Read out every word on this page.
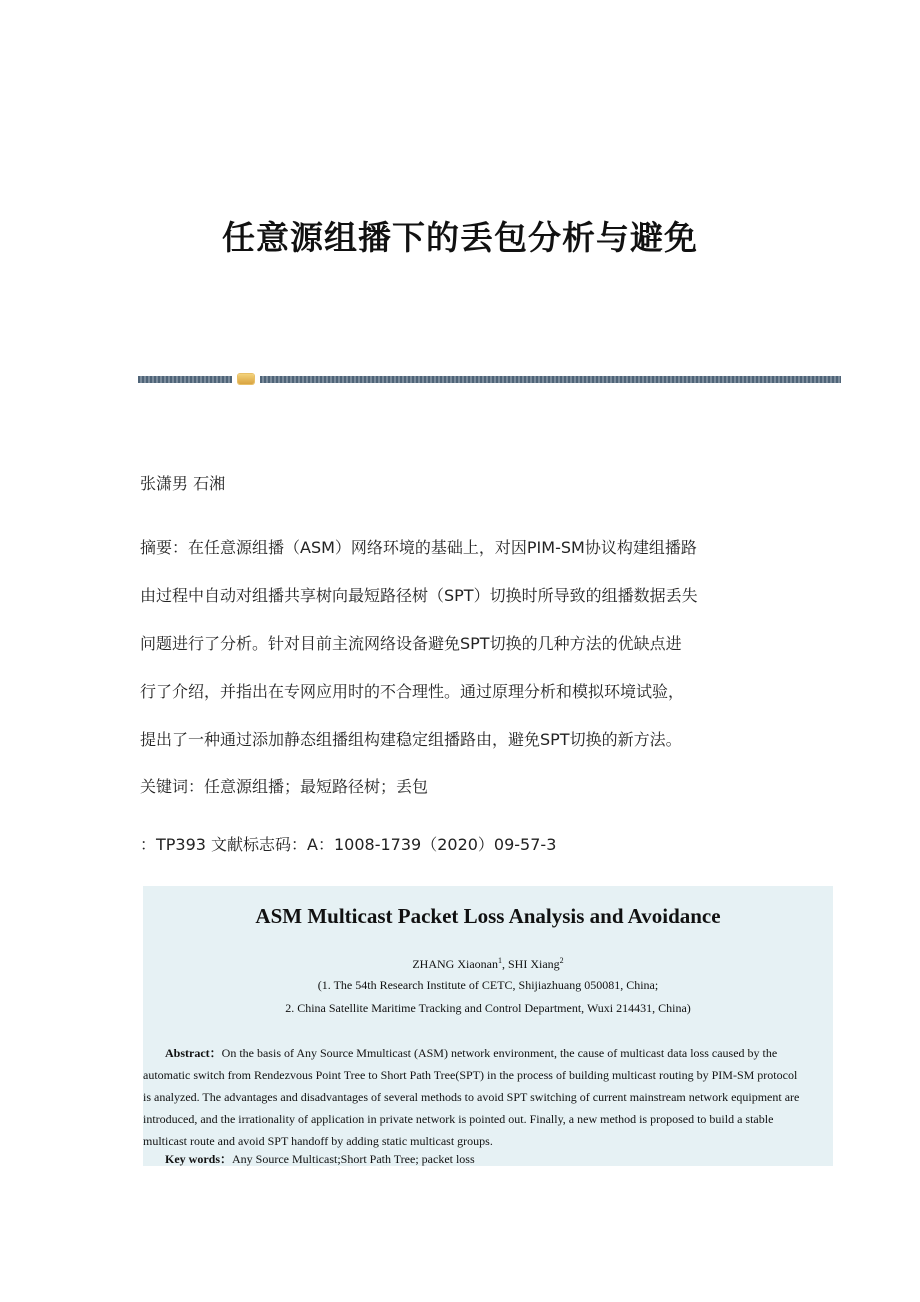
任意源组播下的丢包分析与避免
张潇男 石湘
摘要：在任意源组播（ASM）网络环境的基础上，对因PIM-SM协议构建组播路
由过程中自动对组播共享树向最短路径树（SPT）切换时所导致的组播数据丢失
问题进行了分析。针对目前主流网络设备避免SPT切换的几种方法的优缺点进
行了介绍，并指出在专网应用时的不合理性。通过原理分析和模拟环境试验，
提出了一种通过添加静态组播组构建稳定组播路由，避免SPT切换的新方法。
关键词：任意源组播；最短路径树；丢包
：TP393 文献标志码：A：1008-1739（2020）09-57-3
ASM Multicast Packet Loss Analysis and Avoidance
ZHANG Xiaonan$^1$, SHI Xiang$^2$
(1. The 54th Research Institute of CETC, Shijiazhuang 050081, China;
2. China Satellite Maritime Tracking and Control Department, Wuxi 214431, China)
Abstract：On the basis of Any Source Mmulticast (ASM) network environment, the cause of multicast data loss caused by the
automatic switch from Rendezvous Point Tree to Short Path Tree(SPT) in the process of building multicast routing by PIM-SM protocol
is analyzed. The advantages and disadvantages of several methods to avoid SPT switching of current mainstream network equipment are
introduced, and the irrationality of application in private network is pointed out. Finally, a new method is proposed to build a stable
multicast route and avoid SPT handoff by adding static multicast groups.
Key words：Any Source Multicast;Short Path Tree; packet loss
